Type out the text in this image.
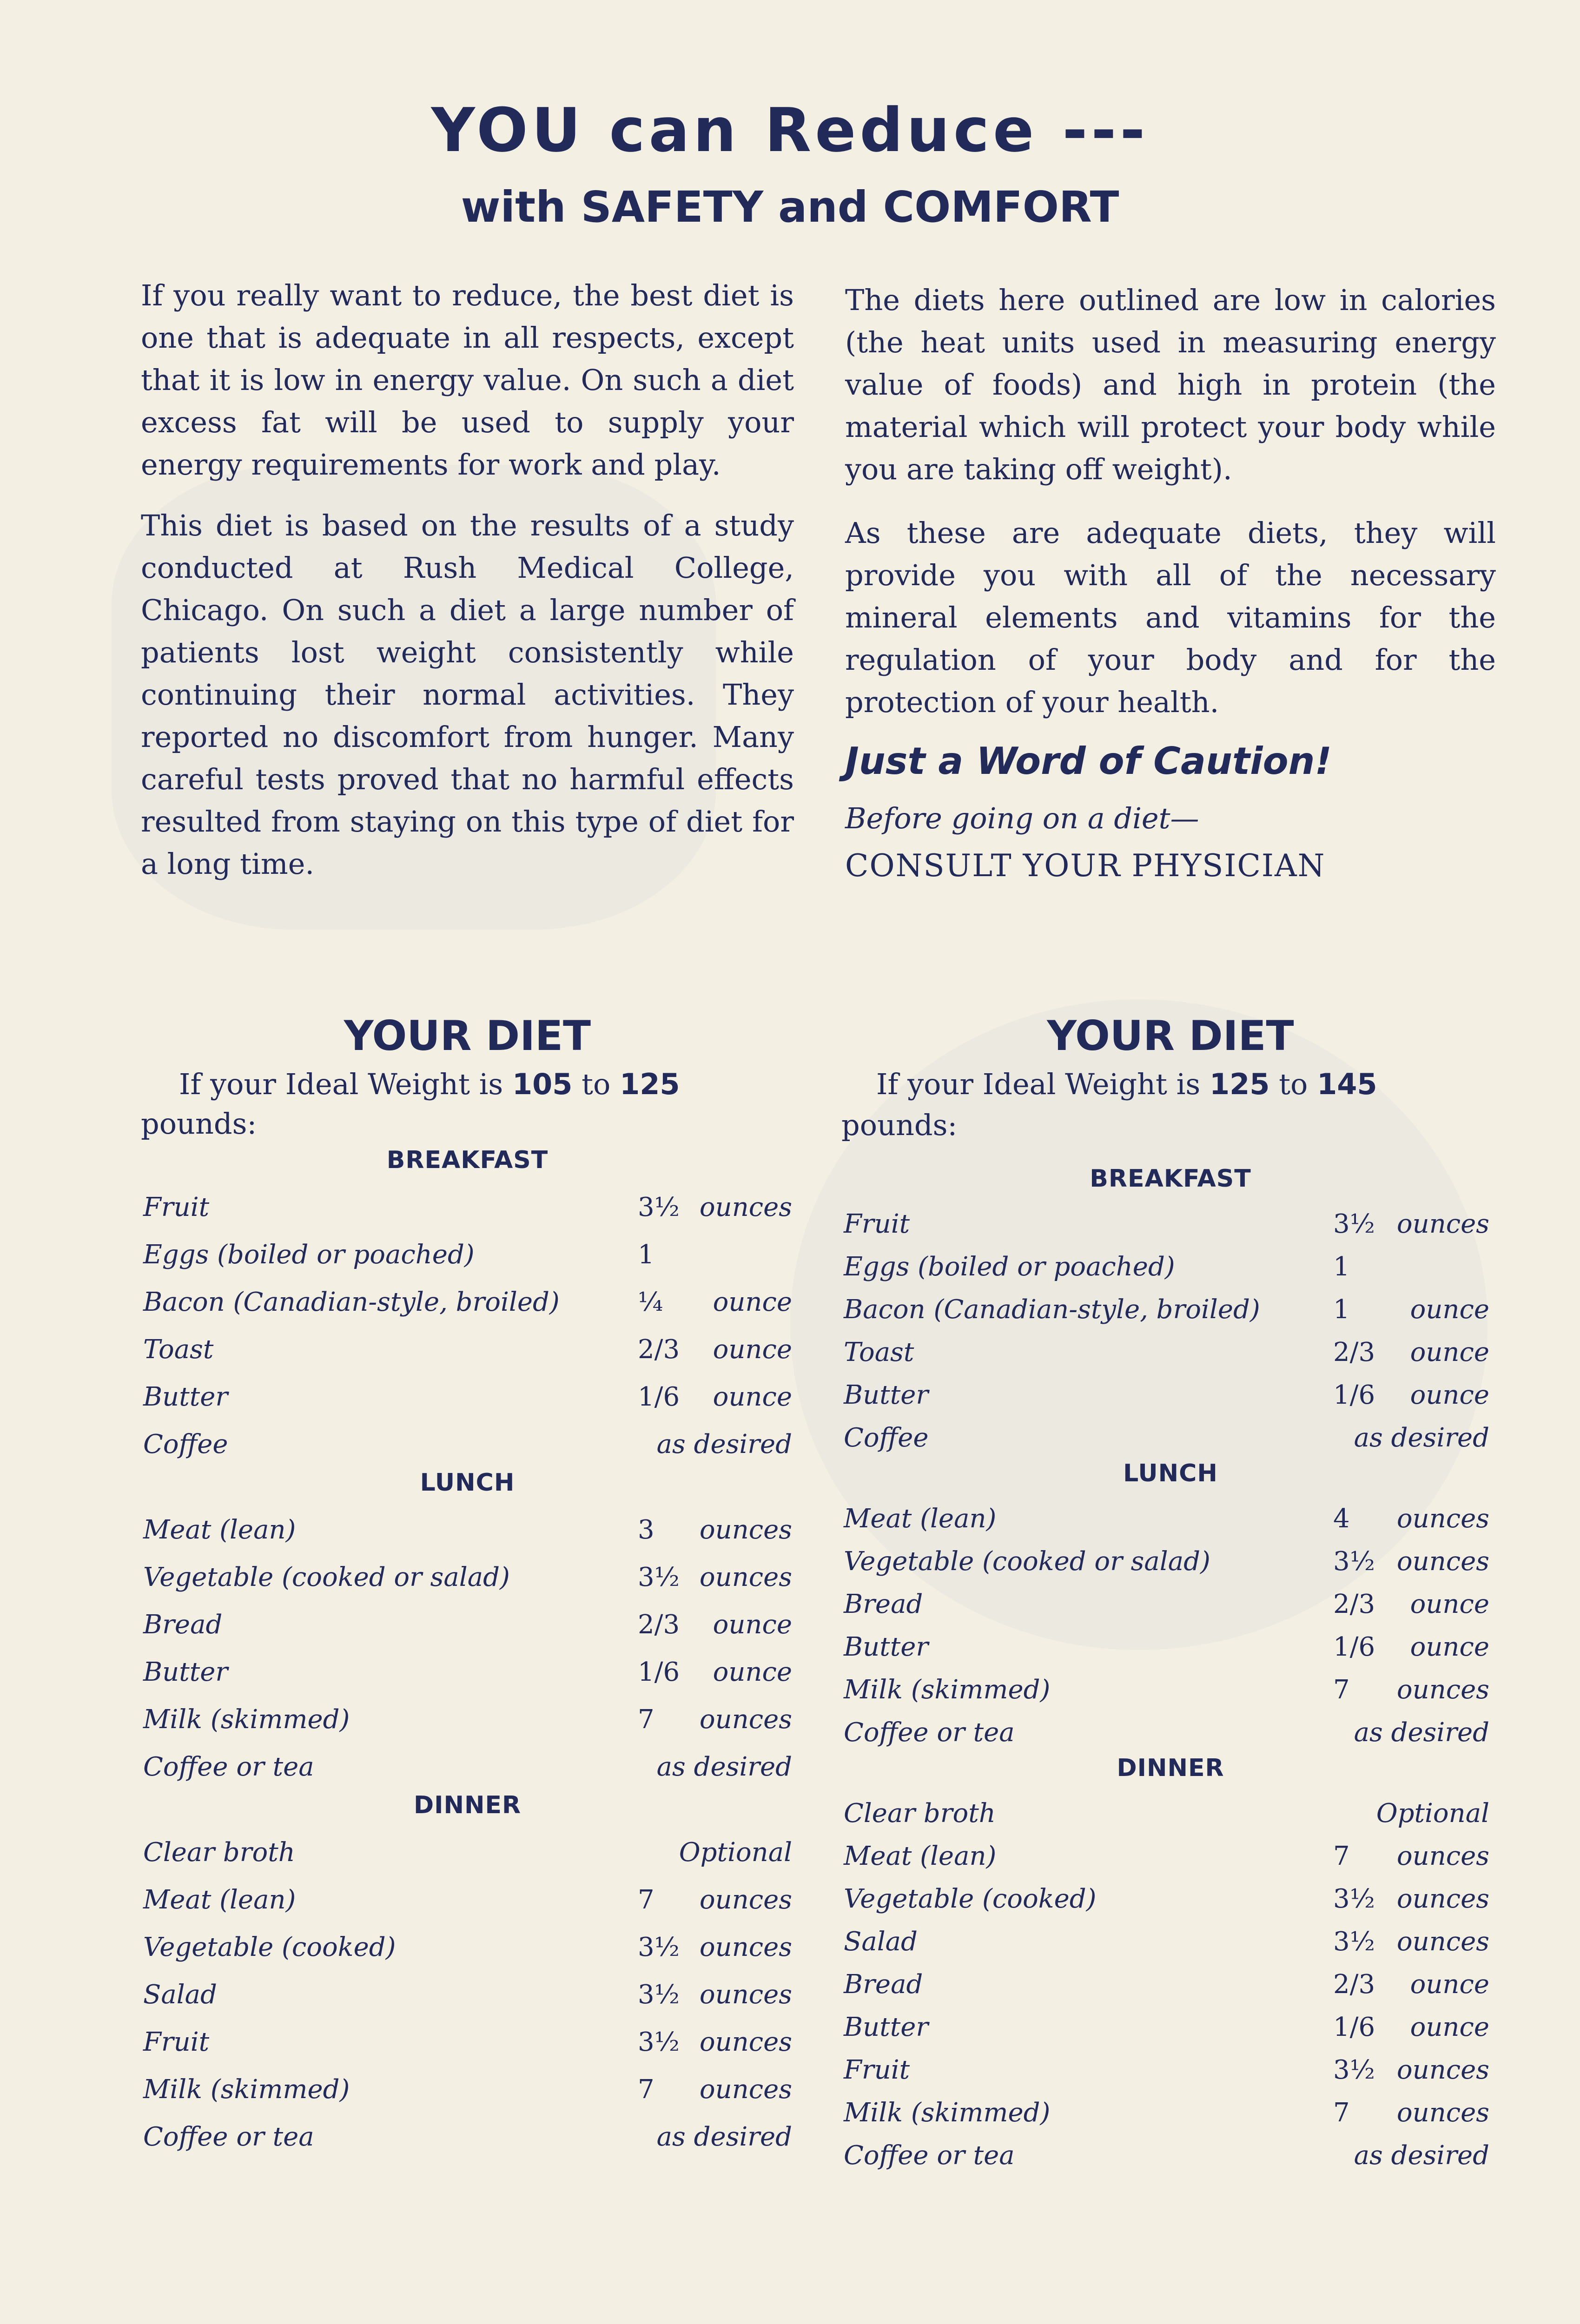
YOU can Reduce ---
with SAFETY and COMFORT

If you really want to reduce, the best diet is one that is adequate in all respects, except that it is low in energy value. On such a diet excess fat will be used to supply your energy requirements for work and play.

This diet is based on the results of a study conducted at Rush Medical College, Chicago. On such a diet a large number of patients lost weight consistently while continuing their normal activities. They reported no discomfort from hunger. Many careful tests proved that no harmful effects resulted from staying on this type of diet for a long time.

The diets here outlined are low in calories (the heat units used in measuring energy value of foods) and high in protein (the material which will protect your body while you are taking off weight).

As these are adequate diets, they will provide you with all of the necessary mineral elements and vitamins for the regulation of your body and for the protection of your health.

Just a Word of Caution!

Before going on a diet—

CONSULT YOUR PHYSICIAN

YOUR DIET

If your Ideal Weight is 105 to 125

pounds:

BREAKFAST
Fruit	3½ ounces
Eggs (boiled or poached)	1
Bacon (Canadian-style, broiled)	¼	ounce
Toast	2/3	ounce
Butter	1/6	ounce
Coffee	as desired
LUNCH
Meat (lean)	3	ounces
Vegetable (cooked or salad)	3½ ounces
Bread	2/3	ounce
Butter	1/6	ounce
Milk (skimmed)	7	ounces
Coffee or tea	as desired
DINNER
Clear broth	Optional
Meat (lean)	7	ounces
Vegetable (cooked)	3½ ounces
Salad	3½ ounces
Fruit	3½ ounces
Milk (skimmed)	7	ounces
Coffee or tea	as desired
YOUR DIET

If your Ideal Weight is 125 to 145

pounds:

BREAKFAST
Fruit	3½ ounces
Eggs (boiled or poached)	1
Bacon (Canadian-style, broiled)	1	ounce
Toast	2/3	ounce
Butter	1/6	ounce
Coffee	as desired
LUNCH
Meat (lean)	4	ounces
Vegetable (cooked or salad)	3½ ounces
Bread	2/3	ounce
Butter	1/6	ounce
Milk (skimmed)	7	ounces
Coffee or tea	as desired
DINNER
Clear broth	Optional
Meat (lean)	7	ounces
Vegetable (cooked)	3½ ounces
Salad	3½ ounces
Bread	2/3	ounce
Butter	1/6	ounce
Fruit	3½ ounces
Milk (skimmed)	7	ounces
Coffee or tea	as desired
